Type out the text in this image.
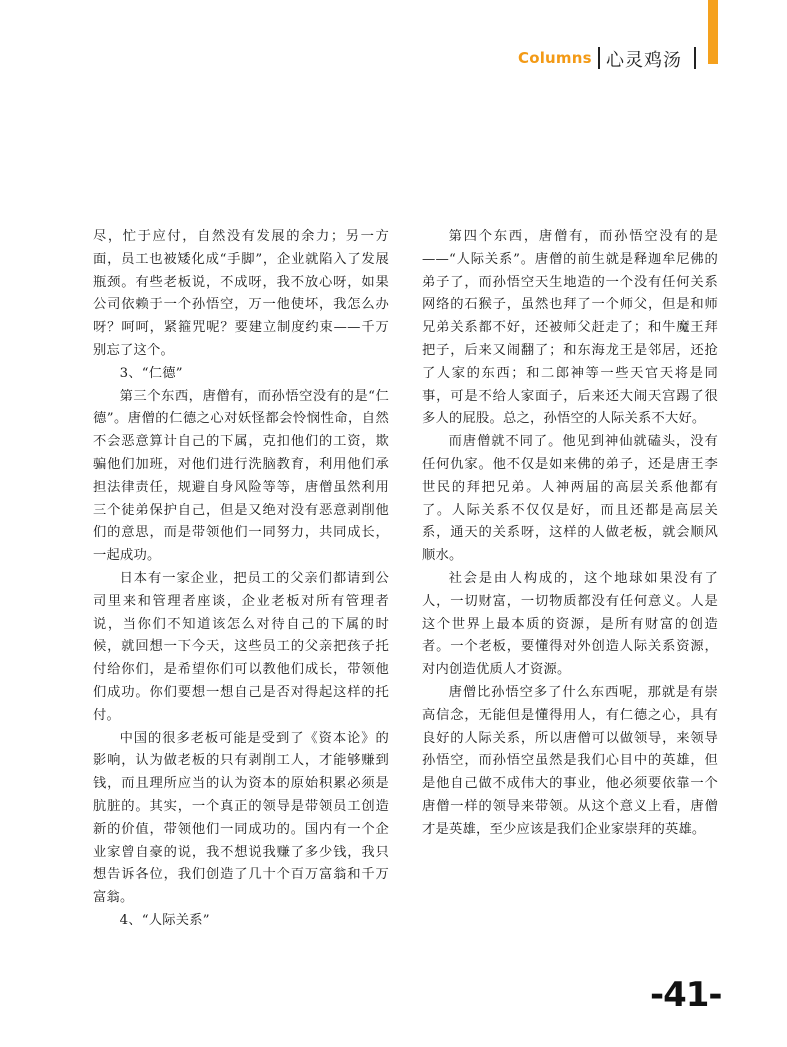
Columns 心灵鸡汤

尽，忙于应付，自然没有发展的余力；另一方面，员工也被矮化成“手脚”，企业就陷入了发展瓶颈。有些老板说，不成呀，我不放心呀，如果公司依赖于一个孙悟空，万一他使坏，我怎么办呀？呵呵，紧箍咒呢？要建立制度约束——千万别忘了这个。

3、“仁德”

第三个东西，唐僧有，而孙悟空没有的是“仁德”。唐僧的仁德之心对妖怪都会怜悯性命，自然不会恶意算计自己的下属，克扣他们的工资，欺骗他们加班，对他们进行洗脑教育，利用他们承担法律责任，规避自身风险等等，唐僧虽然利用三个徒弟保护自己，但是又绝对没有恶意剥削他们的意思，而是带领他们一同努力，共同成长，一起成功。

日本有一家企业，把员工的父亲们都请到公司里来和管理者座谈，企业老板对所有管理者说，当你们不知道该怎么对待自己的下属的时候，就回想一下今天，这些员工的父亲把孩子托付给你们，是希望你们可以教他们成长，带领他们成功。你们要想一想自己是否对得起这样的托付。

中国的很多老板可能是受到了《资本论》的影响，认为做老板的只有剥削工人，才能够赚到钱，而且理所应当的认为资本的原始积累必须是肮脏的。其实，一个真正的领导是带领员工创造新的价值，带领他们一同成功的。国内有一个企业家曾自豪的说，我不想说我赚了多少钱，我只想告诉各位，我们创造了几十个百万富翁和千万富翁。

4、“人际关系”

第四个东西，唐僧有，而孙悟空没有的是——“人际关系”。唐僧的前生就是释迦牟尼佛的弟子了，而孙悟空天生地造的一个没有任何关系网络的石猴子，虽然也拜了一个师父，但是和师兄弟关系都不好，还被师父赶走了；和牛魔王拜把子，后来又闹翻了；和东海龙王是邻居，还抢了人家的东西；和二郎神等一些天官天将是同事，可是不给人家面子，后来还大闹天宫踢了很多人的屁股。总之，孙悟空的人际关系不大好。

而唐僧就不同了。他见到神仙就磕头，没有任何仇家。他不仅是如来佛的弟子，还是唐王李世民的拜把兄弟。人神两届的高层关系他都有了。人际关系不仅仅是好，而且还都是高层关系，通天的关系呀，这样的人做老板，就会顺风顺水。

社会是由人构成的，这个地球如果没有了人，一切财富，一切物质都没有任何意义。人是这个世界上最本质的资源，是所有财富的创造者。一个老板，要懂得对外创造人际关系资源，对内创造优质人才资源。

唐僧比孙悟空多了什么东西呢，那就是有崇高信念，无能但是懂得用人，有仁德之心，具有良好的人际关系，所以唐僧可以做领导，来领导孙悟空，而孙悟空虽然是我们心目中的英雄，但是他自己做不成伟大的事业，他必须要依靠一个唐僧一样的领导来带领。从这个意义上看，唐僧才是英雄，至少应该是我们企业家崇拜的英雄。

-41-
